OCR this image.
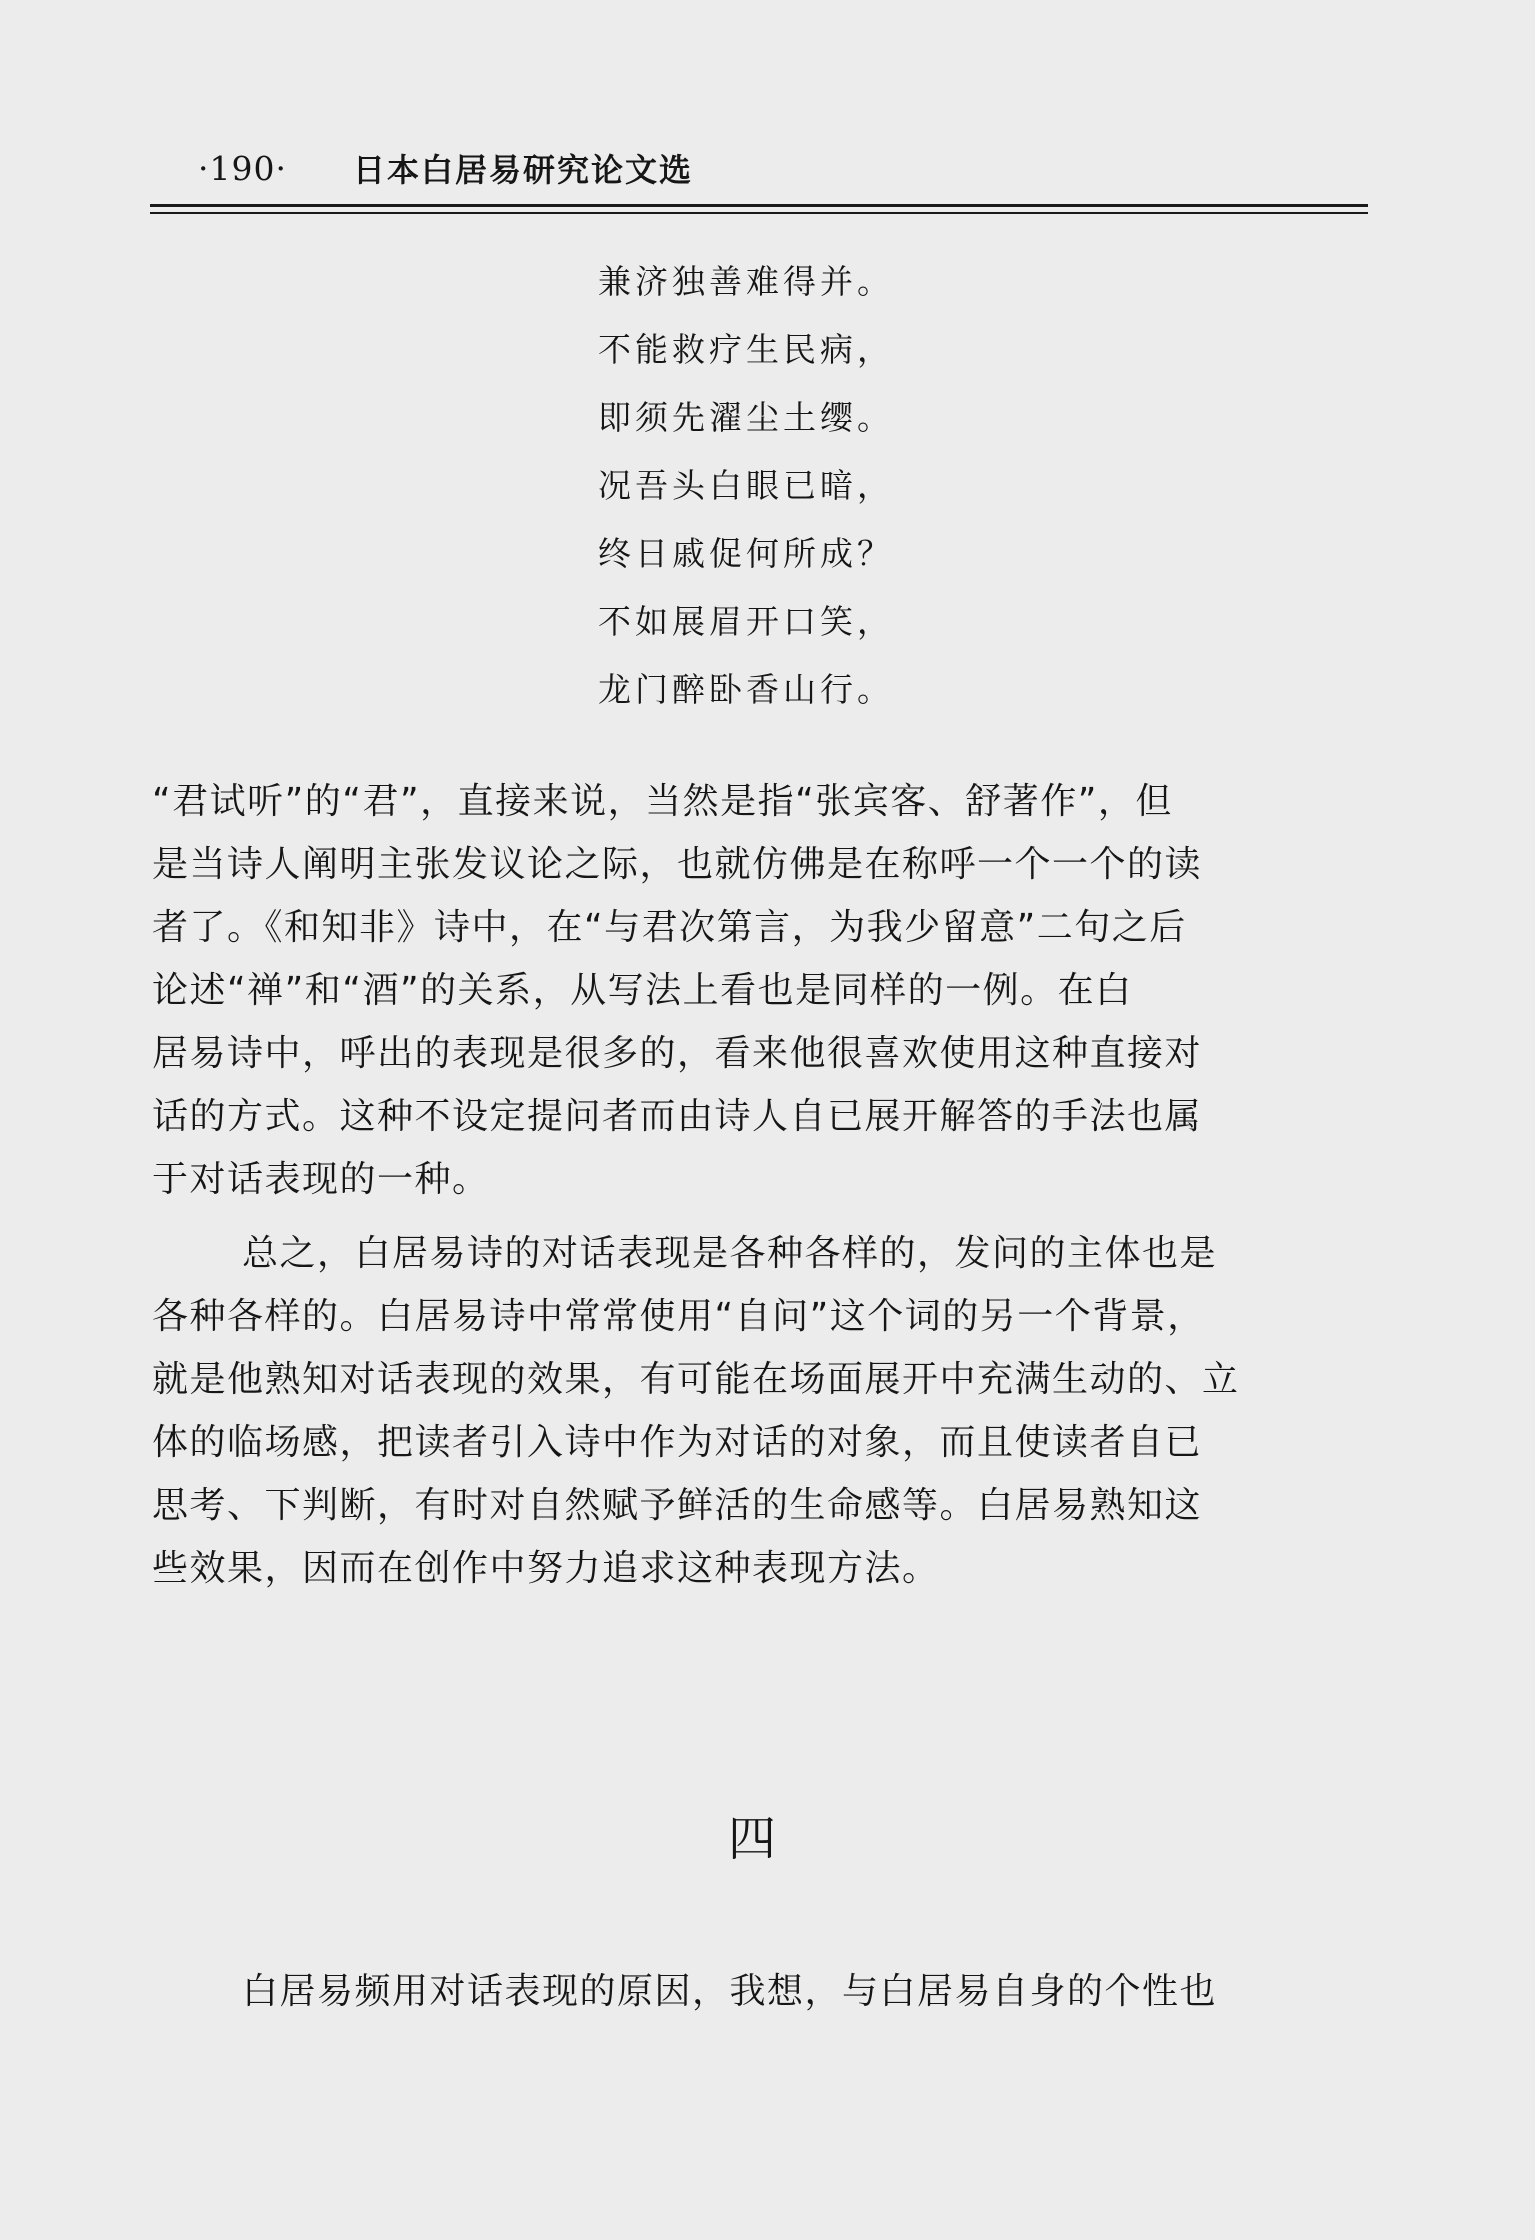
·190· 日本白居易研究论文选
兼济独善难得并。
不能救疗生民病，
即须先濯尘土缨。
况吾头白眼已暗，
终日戚促何所成？
不如展眉开口笑，
龙门醉卧香山行。
“君试听”的“君”，直接来说，当然是指“张宾客、舒著作”，但
是当诗人阐明主张发议论之际，也就仿佛是在称呼一个一个的读
者了。《和知非》诗中，在“与君次第言，为我少留意”二句之后
论述“禅”和“酒”的关系，从写法上看也是同样的一例。在白
居易诗中，呼出的表现是很多的，看来他很喜欢使用这种直接对
话的方式。这种不设定提问者而由诗人自已展开解答的手法也属
于对话表现的一种。
总之，白居易诗的对话表现是各种各样的，发问的主体也是
各种各样的。白居易诗中常常使用“自问”这个词的另一个背景，
就是他熟知对话表现的效果，有可能在场面展开中充满生动的、立
体的临场感，把读者引入诗中作为对话的对象，而且使读者自已
思考、下判断，有时对自然赋予鲜活的生命感等。白居易熟知这
些效果，因而在创作中努力追求这种表现方法。
四
白居易频用对话表现的原因，我想，与白居易自身的个性也
